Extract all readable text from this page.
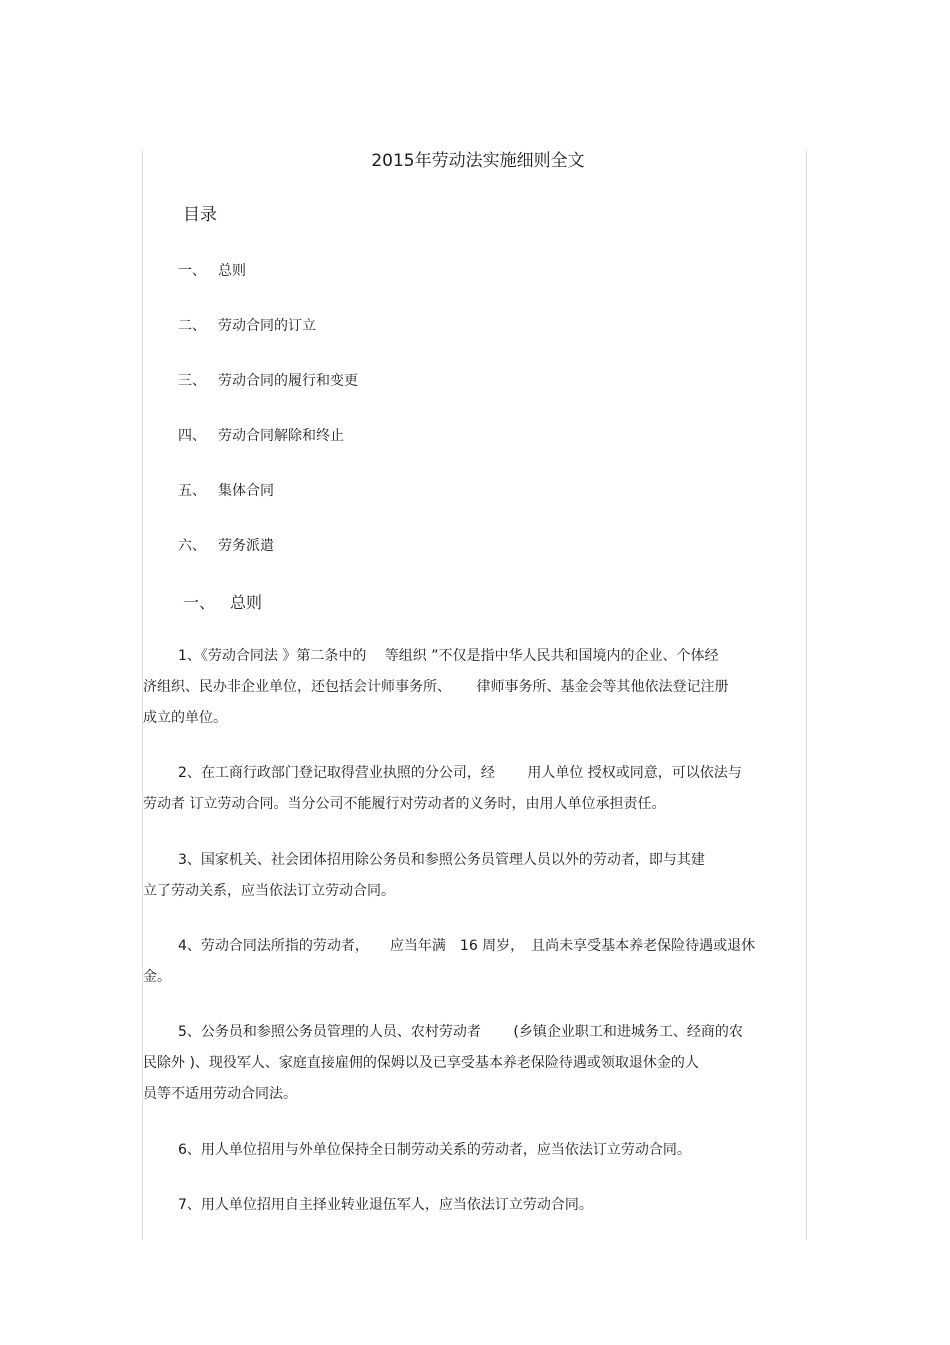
2015年劳动法实施细则全文
目录
一、 总则
二、 劳动合同的订立
三、 劳动合同的履行和变更
四、 劳动合同解除和终止
五、 集体合同
六、 劳务派遣
一、 总则
1、《劳动合同法 》第二条中的　 等组织 ”不仅是指中华人民共和国境内的企业、个体经
济组织、民办非企业单位，还包括会计师事务所、　　 律师事务所、基金会等其他依法登记注册
成立的单位。
2、在工商行政部门登记取得营业执照的分公司，经　　 用人单位 授权或同意，可以依法与
劳动者 订立劳动合同。当分公司不能履行对劳动者的义务时，由用人单位承担责任。
3、国家机关、社会团体招用除公务员和参照公务员管理人员以外的劳动者，即与其建
立了劳动关系，应当依法订立劳动合同。
4、劳动合同法所指的劳动者，　　应当年满　16 周岁，　且尚未享受基本养老保险待遇或退休
金。
5、公务员和参照公务员管理的人员、农村劳动者　　 (乡镇企业职工和进城务工、经商的农
民除外 )、现役军人、家庭直接雇佣的保姆以及已享受基本养老保险待遇或领取退休金的人
员等不适用劳动合同法。
6、用人单位招用与外单位保持全日制劳动关系的劳动者，应当依法订立劳动合同。
7、用人单位招用自主择业转业退伍军人，应当依法订立劳动合同。
